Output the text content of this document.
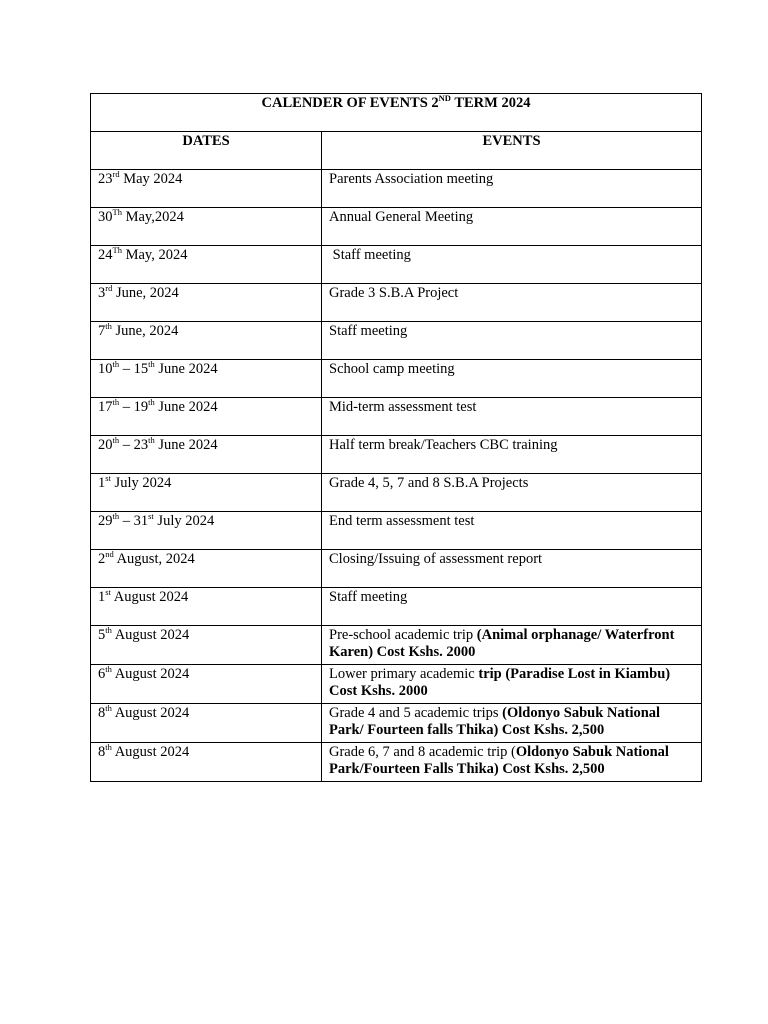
CALENDER OF EVENTS 2ND TERM 2024	
DATES	EVENTS
23rd May 2024	Parents Association meeting
30Th May,2024	Annual General Meeting
24Th May, 2024	Staff meeting
3rd June, 2024	Grade 3 S.B.A Project
7th June, 2024	Staff meeting
10th – 15th June 2024	School camp meeting
17th – 19th June 2024	Mid-term assessment test
20th – 23th June 2024	Half term break/Teachers CBC training
1st July 2024	Grade 4, 5, 7 and 8 S.B.A Projects
29th – 31st July 2024	End term assessment test
2nd August, 2024	Closing/Issuing of assessment report
1st August 2024	Staff meeting
5th August 2024	Pre-school academic trip (Animal orphanage/ Waterfront Karen) Cost Kshs. 2000
6th August 2024	Lower primary academic trip (Paradise Lost in Kiambu) Cost Kshs. 2000
8th August 2024	Grade 4 and 5 academic trips (Oldonyo Sabuk National Park/ Fourteen falls Thika) Cost Kshs. 2,500
8th August 2024	Grade 6, 7 and 8 academic trip (Oldonyo Sabuk National Park/Fourteen Falls Thika) Cost Kshs. 2,500
